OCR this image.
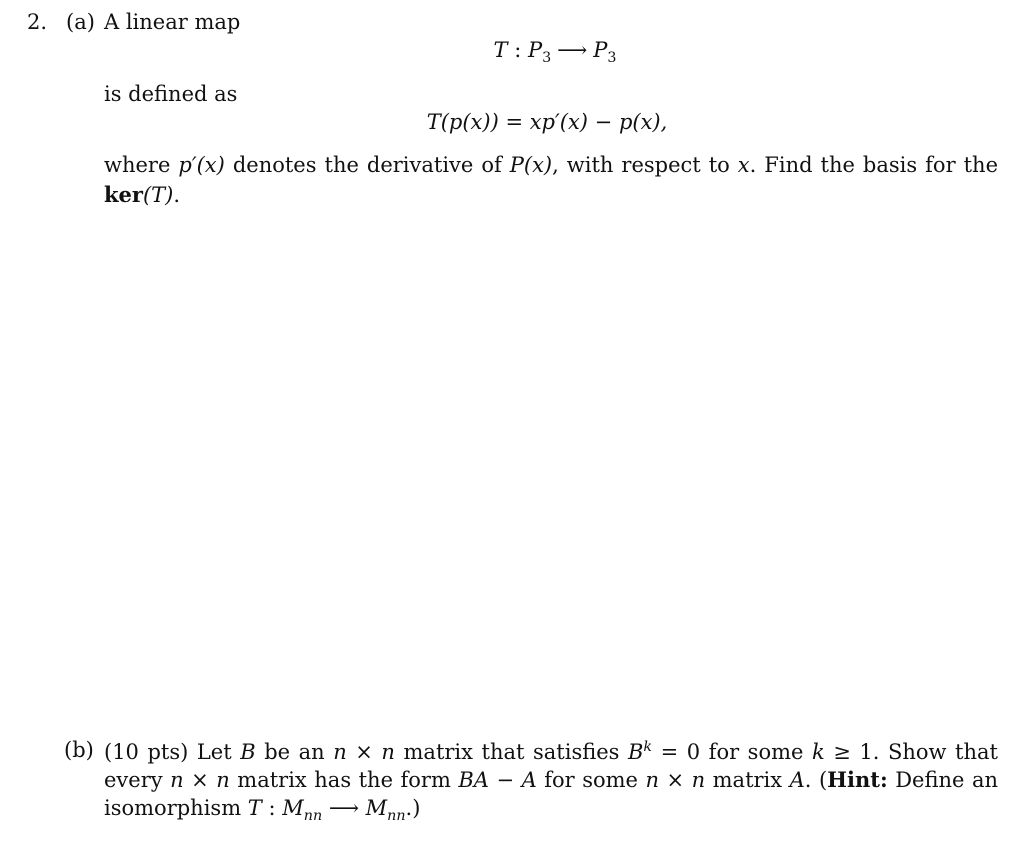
2. (a) A linear map
T : $P_3$ ⟶ $P_3$
is defined as
T(p(x)) = xp′(x) − p(x),
where p′(x) denotes the derivative of P(x), with respect to x. Find the basis for the ker(T).
(b) (10 pts) Let B be an n × n matrix that satisfies $B^k = 0$ for some k ≥ 1. Show that every n × n matrix has the form BA − A for some n × n matrix A. (Hint: Define an isomorphism T : $M_{nn}$ ⟶ $M_{nn}$.)
